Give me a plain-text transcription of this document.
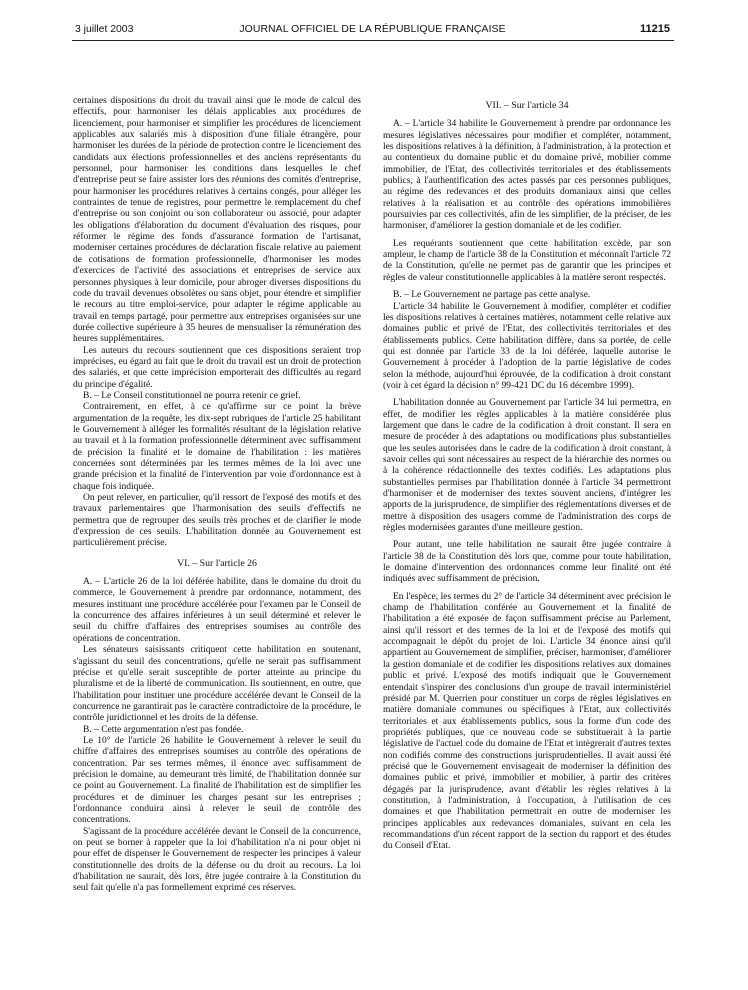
3 juillet 2003	JOURNAL OFFICIEL DE LA RÉPUBLIQUE FRANÇAISE	11215

certaines dispositions du droit du travail ainsi que le mode de calcul des effectifs, pour harmoniser les délais applicables aux procédures de licenciement, pour harmoniser et simplifier les procédures de licenciement applicables aux salariés mis à disposition d'une filiale étrangère, pour harmoniser les durées de la période de protection contre le licenciement des candidats aux élections professionnelles et des anciens représentants du personnel, pour harmoniser les conditions dans lesquelles le chef d'entreprise peut se faire assister lors des réunions des comités d'entreprise, pour harmoniser les procédures relatives à certains congés, pour alléger les contraintes de tenue de registres, pour permettre le remplacement du chef d'entreprise ou son conjoint ou son collaborateur ou associé, pour adapter les obligations d'élaboration du document d'évaluation des risques, pour réformer le régime des fonds d'assurance formation de l'artisanat, moderniser certaines procédures de déclaration fiscale relative au paiement de cotisations de formation professionnelle, d'harmoniser les modes d'exercices de l'activité des associations et entreprises de service aux personnes physiques à leur domicile, pour abroger diverses dispositions du code du travail devenues obsolètes ou sans objet, pour étendre et simplifier le recours au titre emploi-service, pour adapter le régime applicable au travail en temps partagé, pour permettre aux entreprises organisées sur une durée collective supérieure à 35 heures de mensualiser la rémunération des heures supplémentaires.

Les auteurs du recours soutiennent que ces dispositions seraient trop imprécises, eu égard au fait que le droit du travail est un droit de protection des salariés, et que cette imprécision emporterait des difficultés au regard du principe d'égalité.

B. – Le Conseil constitutionnel ne pourra retenir ce grief.

Contrairement, en effet, à ce qu'affirme sur ce point la brève argumentation de la requête, les dix-sept rubriques de l'article 25 habilitant le Gouvernement à alléger les formalités résultant de la législation relative au travail et à la formation professionnelle déterminent avec suffisamment de précision la finalité et le domaine de l'habilitation : les matières concernées sont déterminées par les termes mêmes de la loi avec une grande précision et la finalité de l'intervention par voie d'ordonnance est à chaque fois indiquée.

On peut relever, en particulier, qu'il ressort de l'exposé des motifs et des travaux parlementaires que l'harmonisation des seuils d'effectifs ne permettra que de regrouper des seuils très proches et de clarifier le mode d'expression de ces seuils. L'habilitation donnée au Gouvernement est particulièrement précise.

VI. – Sur l'article 26

A. – L'article 26 de la loi déférée habilite, dans le domaine du droit du commerce, le Gouvernement à prendre par ordonnance, notamment, des mesures instituant une procédure accélérée pour l'examen par le Conseil de la concurrence des affaires inférieures à un seuil déterminé et relever le seuil du chiffre d'affaires des entreprises soumises au contrôle des opérations de concentration.

Les sénateurs saisissants critiquent cette habilitation en soutenant, s'agissant du seuil des concentrations, qu'elle ne serait pas suffisamment précise et qu'elle serait susceptible de porter atteinte au principe du pluralisme et de la liberté de communication. Ils soutiennent, en outre, que l'habilitation pour instituer une procédure accélérée devant le Conseil de la concurrence ne garantirait pas le caractère contradictoire de la procédure, le contrôle juridictionnel et les droits de la défense.

B. – Cette argumentation n'est pas fondée.

Le 10° de l'article 26 habilite le Gouvernement à relever le seuil du chiffre d'affaires des entreprises soumises au contrôle des opérations de concentration. Par ses termes mêmes, il énonce avec suffisamment de précision le domaine, au demeurant très limité, de l'habilitation donnée sur ce point au Gouvernement. La finalité de l'habilitation est de simplifier les procédures et de diminuer les charges pesant sur les entreprises ; l'ordonnance conduira ainsi à relever le seuil de contrôle des concentrations.

S'agissant de la procédure accélérée devant le Conseil de la concurrence, on peut se borner à rappeler que la loi d'habilitation n'a ni pour objet ni pour effet de dispenser le Gouvernement de respecter les principes à valeur constitutionnelle des droits de la défense ou du droit au recours. La loi d'habilitation ne saurait, dès lors, être jugée contraire à la Constitution du seul fait qu'elle n'a pas formellement exprimé ces réserves.

VII. – Sur l'article 34

A. – L'article 34 habilite le Gouvernement à prendre par ordonnance les mesures législatives nécessaires pour modifier et compléter, notamment, les dispositions relatives à la définition, à l'administration, à la protection et au contentieux du domaine public et du domaine privé, mobilier comme immobilier, de l'Etat, des collectivités territoriales et des établissements publics, à l'authentification des actes passés par ces personnes publiques, au régime des redevances et des produits domaniaux ainsi que celles relatives à la réalisation et au contrôle des opérations immobilières poursuivies par ces collectivités, afin de les simplifier, de la préciser, de les harmoniser, d'améliorer la gestion domaniale et de les codifier.

Les requérants soutiennent que cette habilitation excède, par son ampleur, le champ de l'article 38 de la Constitution et méconnaît l'article 72 de la Constitution, qu'elle ne permet pas de garantir que les principes et règles de valeur constitutionnelle applicables à la matière seront respectés.

B. – Le Gouvernement ne partage pas cette analyse.

L'article 34 habilite le Gouvernement à modifier, compléter et codifier les dispositions relatives à certaines matières, notamment celle relative aux domaines public et privé de l'Etat, des collectivités territoriales et des établissements publics. Cette habilitation diffère, dans sa portée, de celle qui est donnée par l'article 33 de la loi déférée, laquelle autorise le Gouvernement à procéder à l'adoption de la partie législative de codes selon la méthode, aujourd'hui éprouvée, de la codification à droit constant (voir à cet égard la décision n° 99-421 DC du 16 décembre 1999).

L'habilitation donnée au Gouvernement par l'article 34 lui permettra, en effet, de modifier les règles applicables à la matière considérée plus largement que dans le cadre de la codification à droit constant. Il sera en mesure de procéder à des adaptations ou modifications plus substantielles que les seules autorisées dans le cadre de la codification à droit constant, à savoir celles qui sont nécessaires au respect de la hiérarchie des normes ou à la cohérence rédactionnelle des textes codifiés. Les adaptations plus substantielles permises par l'habilitation donnée à l'article 34 permettront d'harmoniser et de moderniser des textes souvent anciens, d'intégrer les apports de la jurisprudence, de simplifier des réglementations diverses et de mettre à disposition des usagers comme de l'administration des corps de règles modernisées garantes d'une meilleure gestion.

Pour autant, une telle habilitation ne saurait être jugée contraire à l'article 38 de la Constitution dès lors que, comme pour toute habilitation, le domaine d'intervention des ordonnances comme leur finalité ont été indiqués avec suffisamment de précision.

En l'espèce, les termes du 2° de l'article 34 déterminent avec précision le champ de l'habilitation conférée au Gouvernement et la finalité de l'habilitation a été exposée de façon suffisamment précise au Parlement, ainsi qu'il ressort et des termes de la loi et de l'exposé des motifs qui accompagnait le dépôt du projet de loi. L'article 34 énonce ainsi qu'il appartient au Gouvernement de simplifier, préciser, harmoniser, d'améliorer la gestion domaniale et de codifier les dispositions relatives aux domaines public et privé. L'exposé des motifs indiquait que le Gouvernement entendait s'inspirer des conclusions d'un groupe de travail interministériel présidé par M. Querrien pour constituer un corps de règles législatives en matière domaniale communes ou spécifiques à l'Etat, aux collectivités territoriales et aux établissements publics, sous la forme d'un code des propriétés publiques, que ce nouveau code se substituerait à la partie législative de l'actuel code du domaine de l'Etat et intègrerait d'autres textes non codifiés comme des constructions jurisprudentielles. Il avait aussi été précisé que le Gouvernement envisageait de moderniser la définition des domaines public et privé, immobilier et mobilier, à partir des critères dégagés par la jurisprudence, avant d'établir les règles relatives à la constitution, à l'administration, à l'occupation, à l'utilisation de ces domaines et que l'habilitation permettrait en outre de moderniser les principes applicables aux redevances domaniales, suivant en cela les recommandations d'un récent rapport de la section du rapport et des études du Conseil d'Etat.
